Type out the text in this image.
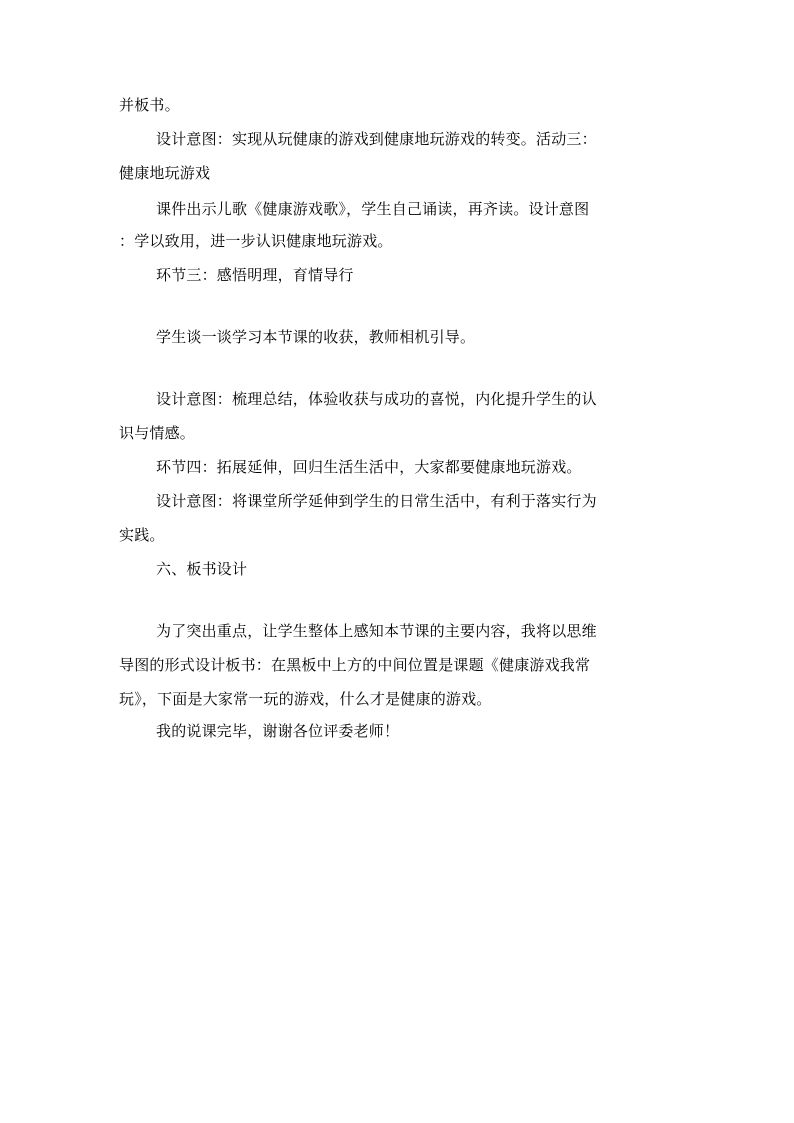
并板书。
设计意图：实现从玩健康的游戏到健康地玩游戏的转变。活动三：
健康地玩游戏
课件出示儿歌《健康游戏歌》，学生自己诵读，再齐读。设计意图
：学以致用，进一步认识健康地玩游戏。
环节三：感悟明理，育情导行
学生谈一谈学习本节课的收获，教师相机引导。
设计意图：梳理总结，体验收获与成功的喜悦，内化提升学生的认
识与情感。
环节四：拓展延伸，回归生活生活中，大家都要健康地玩游戏。
设计意图：将课堂所学延伸到学生的日常生活中，有利于落实行为
实践。
六、板书设计
为了突出重点，让学生整体上感知本节课的主要内容，我将以思维
导图的形式设计板书：在黑板中上方的中间位置是课题《健康游戏我常
玩》，下面是大家常一玩的游戏，什么才是健康的游戏。
我的说课完毕，谢谢各位评委老师！
